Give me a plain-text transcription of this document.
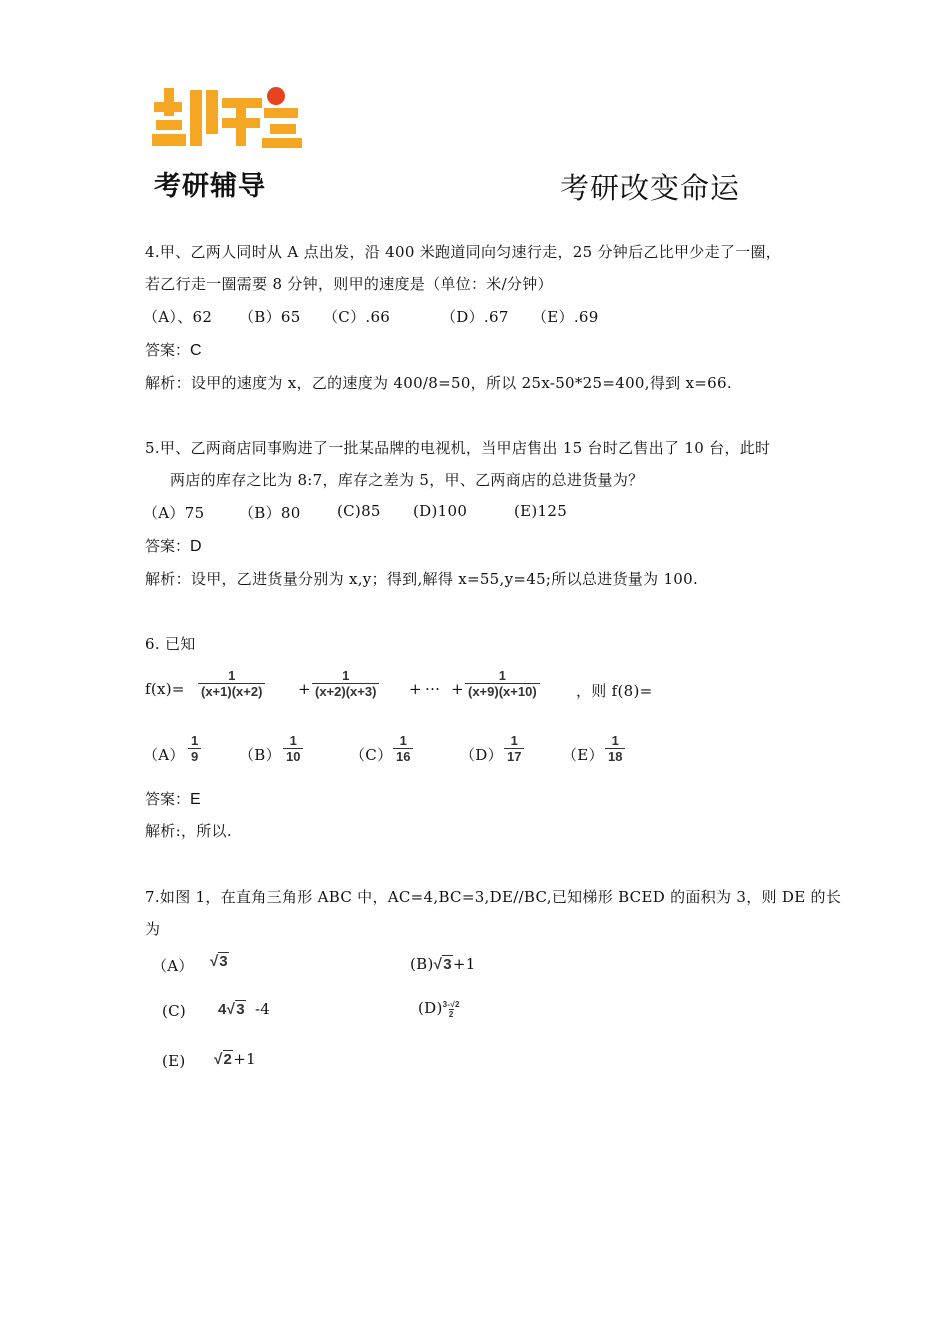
考研辅导	考研改变命运
4.甲、乙两人同时从 A 点出发，沿 400 米跑道同向匀速行走，25 分钟后乙比甲少走了一圈，
若乙行走一圈需要 8 分钟，则甲的速度是（单位：米/分钟）
（A）、62 （B）65 （C）.66	（D）.67 （E）.69
答案：C
解析：设甲的速度为 x，乙的速度为 400/8=50，所以 25x-50*25=400,得到 x=66.
5.甲、乙两商店同事购进了一批某品牌的电视机，当甲店售出 15 台时乙售出了 10 台，此时
两店的库存之比为 8:7，库存之差为 5，甲、乙两商店的总进货量为？
（A）75 （B）80 (C)85 (D)100	(E)125
答案：D
解析：设甲，乙进货量分别为 x,y；得到,解得 x=55,y=45;所以总进货量为 100.
6. 已知
$f(x)= \frac{1}{(x+1)(x+2)} + \frac{1}{(x+2)(x+3)}$ + ··· + $\frac{1}{(x+9)(x+10)}$ ，则 f(8)=
$(A) \frac{1}{9}$	$(B) \frac{1}{10}$	$(C) \frac{1}{16}$	$(D) \frac{1}{17}$	$(E) \frac{1}{18}$
答案：E
解析:，所以.
7.如图 1，在直角三角形 ABC 中，AC=4,BC=3,DE//BC,已知梯形 BCED 的面积为 3，则 DE 的长
为
（A） √3	(B)√3+1
(C) 4√3 -4	$(D) \frac{3-√2}{2}$
(E) √2+1
